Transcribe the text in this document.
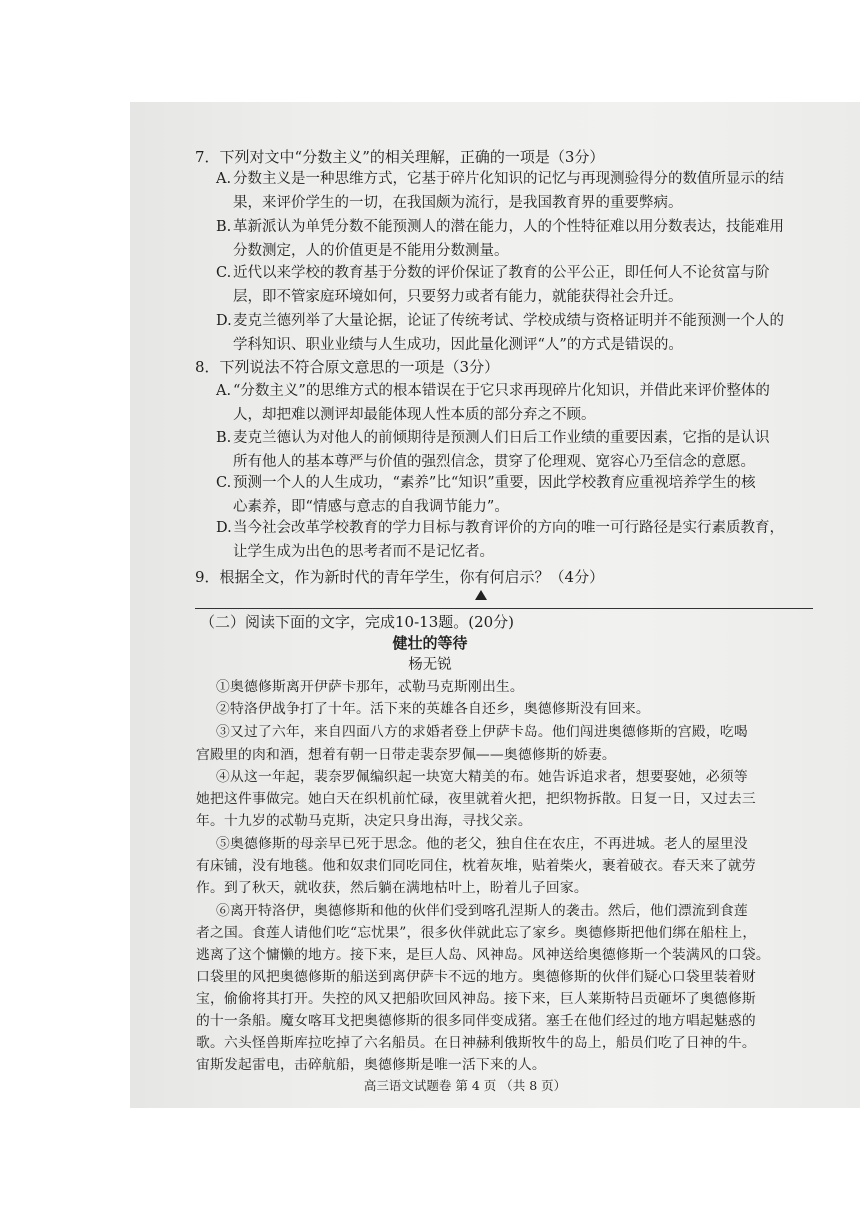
7．下列对文中“分数主义”的相关理解，正确的一项是（3分）
A. 分数主义是一种思维方式，它基于碎片化知识的记忆与再现测验得分的数值所显示的结
果，来评价学生的一切，在我国颇为流行，是我国教育界的重要弊病。
B. 革新派认为单凭分数不能预测人的潜在能力，人的个性特征难以用分数表达，技能难用
分数测定，人的价值更是不能用分数测量。
C. 近代以来学校的教育基于分数的评价保证了教育的公平公正，即任何人不论贫富与阶
层，即不管家庭环境如何，只要努力或者有能力，就能获得社会升迁。
D. 麦克兰德列举了大量论据，论证了传统考试、学校成绩与资格证明并不能预测一个人的
学科知识、职业业绩与人生成功，因此量化测评“人”的方式是错误的。
8．下列说法不符合原文意思的一项是（3分）
A. “分数主义”的思维方式的根本错误在于它只求再现碎片化知识，并借此来评价整体的
人，却把难以测评却最能体现人性本质的部分弃之不顾。
B. 麦克兰德认为对他人的前倾期待是预测人们日后工作业绩的重要因素，它指的是认识
所有他人的基本尊严与价值的强烈信念，贯穿了伦理观、宽容心乃至信念的意愿。
C. 预测一个人的人生成功，“素养”比“知识”重要，因此学校教育应重视培养学生的核
心素养，即“情感与意志的自我调节能力”。
D. 当今社会改革学校教育的学力目标与教育评价的方向的唯一可行路径是实行素质教育，
让学生成为出色的思考者而不是记忆者。
9．根据全文，作为新时代的青年学生，你有何启示？（4分）
（二）阅读下面的文字，完成10-13题。(20分)
健壮的等待
杨无锐
①奥德修斯离开伊萨卡那年，忒勒马克斯刚出生。
②特洛伊战争打了十年。活下来的英雄各自还乡，奥德修斯没有回来。
③又过了六年，来自四面八方的求婚者登上伊萨卡岛。他们闯进奥德修斯的宫殿，吃喝
宫殿里的肉和酒，想着有朝一日带走裴奈罗佩——奥德修斯的娇妻。
④从这一年起，裴奈罗佩编织起一块宽大精美的布。她告诉追求者，想要娶她，必须等
她把这件事做完。她白天在织机前忙碌，夜里就着火把，把织物拆散。日复一日，又过去三
年。十九岁的忒勒马克斯，决定只身出海，寻找父亲。
⑤奥德修斯的母亲早已死于思念。他的老父，独自住在农庄，不再进城。老人的屋里没
有床铺，没有地毯。他和奴隶们同吃同住，枕着灰堆，贴着柴火，裹着破衣。春天来了就劳
作。到了秋天，就收获，然后躺在满地枯叶上，盼着儿子回家。
⑥离开特洛伊，奥德修斯和他的伙伴们受到喀孔涅斯人的袭击。然后，他们漂流到食莲
者之国。食莲人请他们吃“忘忧果”，很多伙伴就此忘了家乡。奥德修斯把他们绑在船柱上，
逃离了这个慵懒的地方。接下来，是巨人岛、风神岛。风神送给奥德修斯一个装满风的口袋。
口袋里的风把奥德修斯的船送到离伊萨卡不远的地方。奥德修斯的伙伴们疑心口袋里装着财
宝，偷偷将其打开。失控的风又把船吹回风神岛。接下来，巨人莱斯特吕贡砸坏了奥德修斯
的十一条船。魔女喀耳戈把奥德修斯的很多同伴变成猪。塞壬在他们经过的地方唱起魅惑的
歌。六头怪兽斯库拉吃掉了六名船员。在日神赫利俄斯牧牛的岛上，船员们吃了日神的牛。
宙斯发起雷电，击碎航船，奥德修斯是唯一活下来的人。
高三语文试题卷 第 4 页 （共 8 页）
